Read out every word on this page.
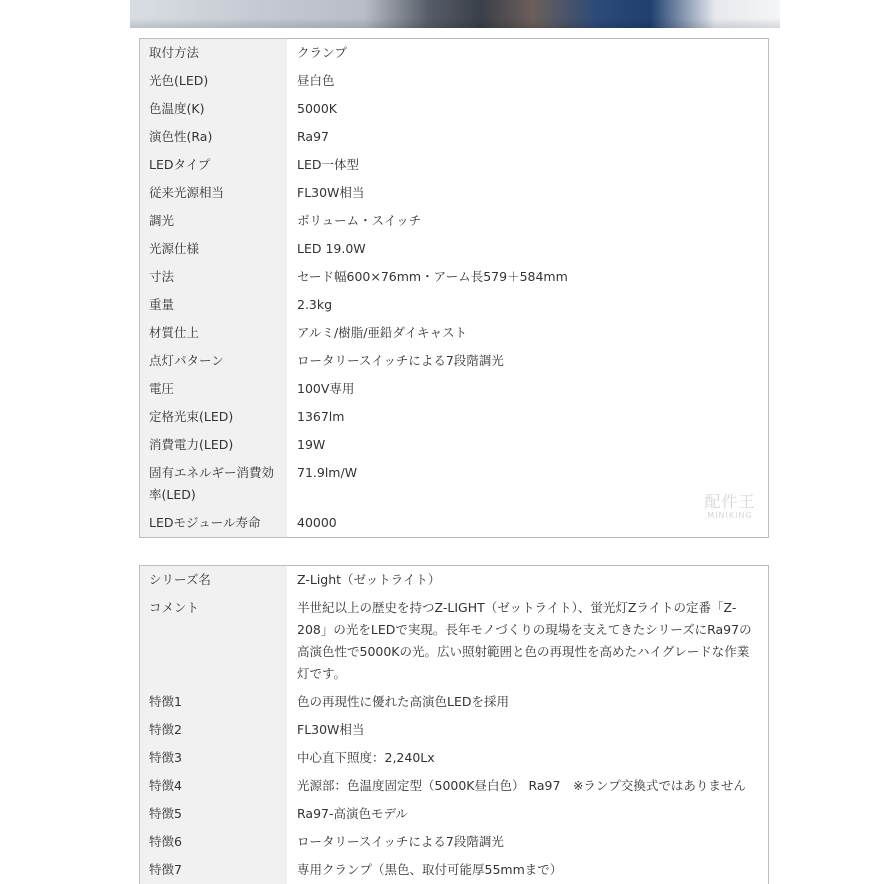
取付方法	クランプ

光色(LED)	昼白色

色温度(K)	5000K

演色性(Ra)	Ra97

LEDタイプ	LED一体型

従来光源相当	FL30W相当

調光	ボリューム・スイッチ

光源仕様	LED 19.0W

寸法	セード幅600×76mm・アーム長579＋584mm

重量	2.3kg

材質仕上	アルミ/樹脂/亜鉛ダイキャスト

点灯パターン	ロータリースイッチによる7段階調光

電圧	100V専用

定格光束(LED)	1367lm

消費電力(LED)	19W

固有エネルギー消費効率(LED)	71.9lm/W

LEDモジュール寿命	40000
配件王
MINIKING
シリーズ名	Z-Light（ゼットライト）

コメント	半世紀以上の歴史を持つZ-LIGHT（ゼットライト）、蛍光灯Zライトの定番「Z-208」の光をLEDで実現。長年モノづくりの現場を支えてきたシリーズにRa97の高演色性で5000Kの光。広い照射範囲と色の再現性を高めたハイグレードな作業灯です。

特徴1	色の再現性に優れた高演色LEDを採用

特徴2	FL30W相当

特徴3	中心直下照度：2,240Lx

特徴4	光源部：色温度固定型（5000K昼白色） Ra97　※ランプ交換式ではありません

特徴5	Ra97-高演色モデル

特徴6	ロータリースイッチによる7段階調光

特徴7	専用クランプ（黒色、取付可能厚55mmまで）
